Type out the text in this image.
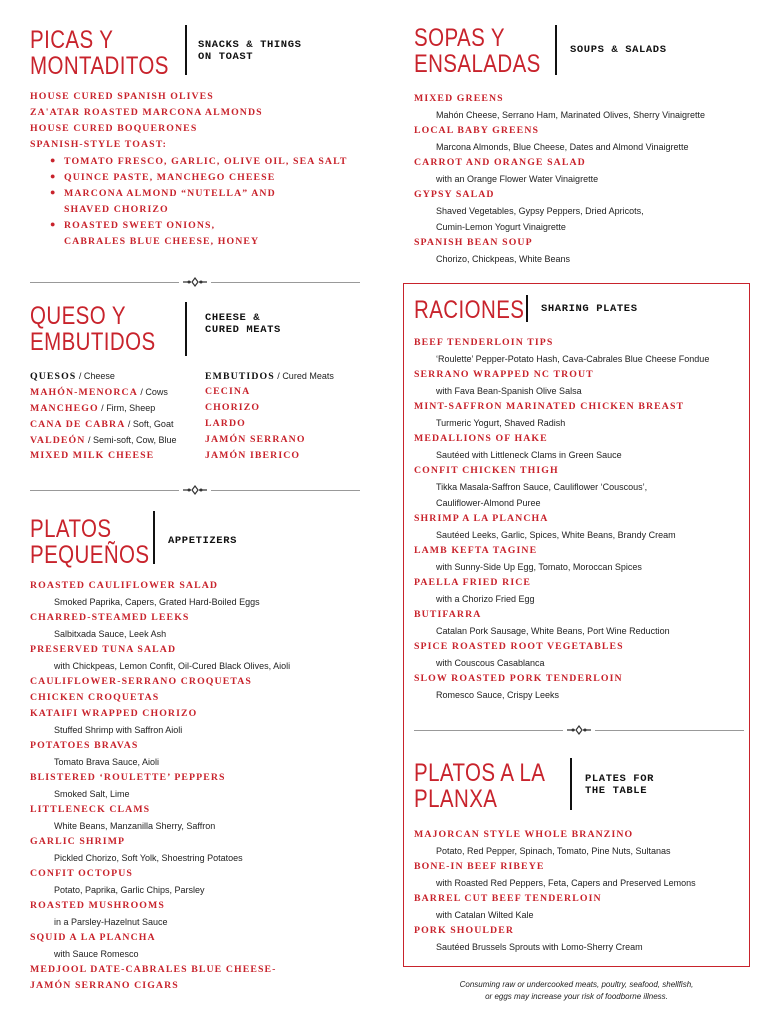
PICAS Y
MONTADITOS
SNACKS & THINGS
ON TOAST
HOUSE CURED SPANISH OLIVES
ZA'ATAR ROASTED MARCONA ALMONDS
HOUSE CURED BOQUERONES
SPANISH-STYLE TOAST:
● TOMATO FRESCO, GARLIC, OLIVE OIL, SEA SALT
● QUINCE PASTE, MANCHEGO CHEESE
● MARCONA ALMOND “NUTELLA” AND
SHAVED CHORIZO
● ROASTED SWEET ONIONS,
CABRALES BLUE CHEESE, HONEY
QUESO Y
EMBUTIDOS
CHEESE &
CURED MEATS
QUESOS / Cheese
MAHÓN-MENORCA / Cows
MANCHEGO / Firm, Sheep
CANA DE CABRA / Soft, Goat
VALDEÓN / Semi-soft, Cow, Blue
MIXED MILK CHEESE
EMBUTIDOS / Cured Meats
CECINA
CHORIZO
LARDO
JAMÓN SERRANO
JAMÓN IBERICO
PLATOS
PEQUEÑOS APPETIZERS
ROASTED CAULIFLOWER SALAD
Smoked Paprika, Capers, Grated Hard-Boiled Eggs
CHARRED-STEAMED LEEKS
Salbitxada Sauce, Leek Ash
PRESERVED TUNA SALAD
with Chickpeas, Lemon Confit, Oil-Cured Black Olives, Aioli
CAULIFLOWER-SERRANO CROQUETAS
CHICKEN CROQUETAS
KATAIFI WRAPPED CHORIZO
Stuffed Shrimp with Saffron Aioli
POTATOES BRAVAS
Tomato Brava Sauce, Aioli
BLISTERED ‘ROULETTE’ PEPPERS
Smoked Salt, Lime
LITTLENECK CLAMS
White Beans, Manzanilla Sherry, Saffron
GARLIC SHRIMP
Pickled Chorizo, Soft Yolk, Shoestring Potatoes
CONFIT OCTOPUS
Potato, Paprika, Garlic Chips, Parsley
ROASTED MUSHROOMS
in a Parsley-Hazelnut Sauce
SQUID A LA PLANCHA
with Sauce Romesco
MEDJOOL DATE-CABRALES BLUE CHEESE-
JAMÓN SERRANO CIGARS
SOPAS Y
ENSALADAS	SOUPS & SALADS
MIXED GREENS
Mahón Cheese, Serrano Ham, Marinated Olives, Sherry Vinaigrette
LOCAL BABY GREENS
Marcona Almonds, Blue Cheese, Dates and Almond Vinaigrette
CARROT AND ORANGE SALAD
with an Orange Flower Water Vinaigrette
GYPSY SALAD
Shaved Vegetables, Gypsy Peppers, Dried Apricots,
Cumin-Lemon Yogurt Vinaigrette
SPANISH BEAN SOUP
Chorizo, Chickpeas, White Beans
RACIONES SHARING PLATES
BEEF TENDERLOIN TIPS
‘Roulette’ Pepper-Potato Hash, Cava-Cabrales Blue Cheese Fondue
SERRANO WRAPPED NC TROUT
with Fava Bean-Spanish Olive Salsa
MINT-SAFFRON MARINATED CHICKEN BREAST
Turmeric Yogurt, Shaved Radish
MEDALLIONS OF HAKE
Sautéed with Littleneck Clams in Green Sauce
CONFIT CHICKEN THIGH
Tikka Masala-Saffron Sauce, Cauliflower ‘Couscous’,
Cauliflower-Almond Puree
SHRIMP A LA PLANCHA
Sautéed Leeks, Garlic, Spices, White Beans, Brandy Cream
LAMB KEFTA TAGINE
with Sunny-Side Up Egg, Tomato, Moroccan Spices
PAELLA FRIED RICE
with a Chorizo Fried Egg
BUTIFARRA
Catalan Pork Sausage, White Beans, Port Wine Reduction
SPICE ROASTED ROOT VEGETABLES
with Couscous Casablanca
SLOW ROASTED PORK TENDERLOIN
Romesco Sauce, Crispy Leeks
PLATOS A LA
PLANXA
PLATES FOR
THE TABLE
MAJORCAN STYLE WHOLE BRANZINO
Potato, Red Pepper, Spinach, Tomato, Pine Nuts, Sultanas
BONE-IN BEEF RIBEYE
with Roasted Red Peppers, Feta, Capers and Preserved Lemons
BARREL CUT BEEF TENDERLOIN
with Catalan Wilted Kale
PORK SHOULDER
Sautéed Brussels Sprouts with Lomo-Sherry Cream
Consuming raw or undercooked meats, poultry, seafood, shellfish,
or eggs may increase your risk of foodborne illness.
